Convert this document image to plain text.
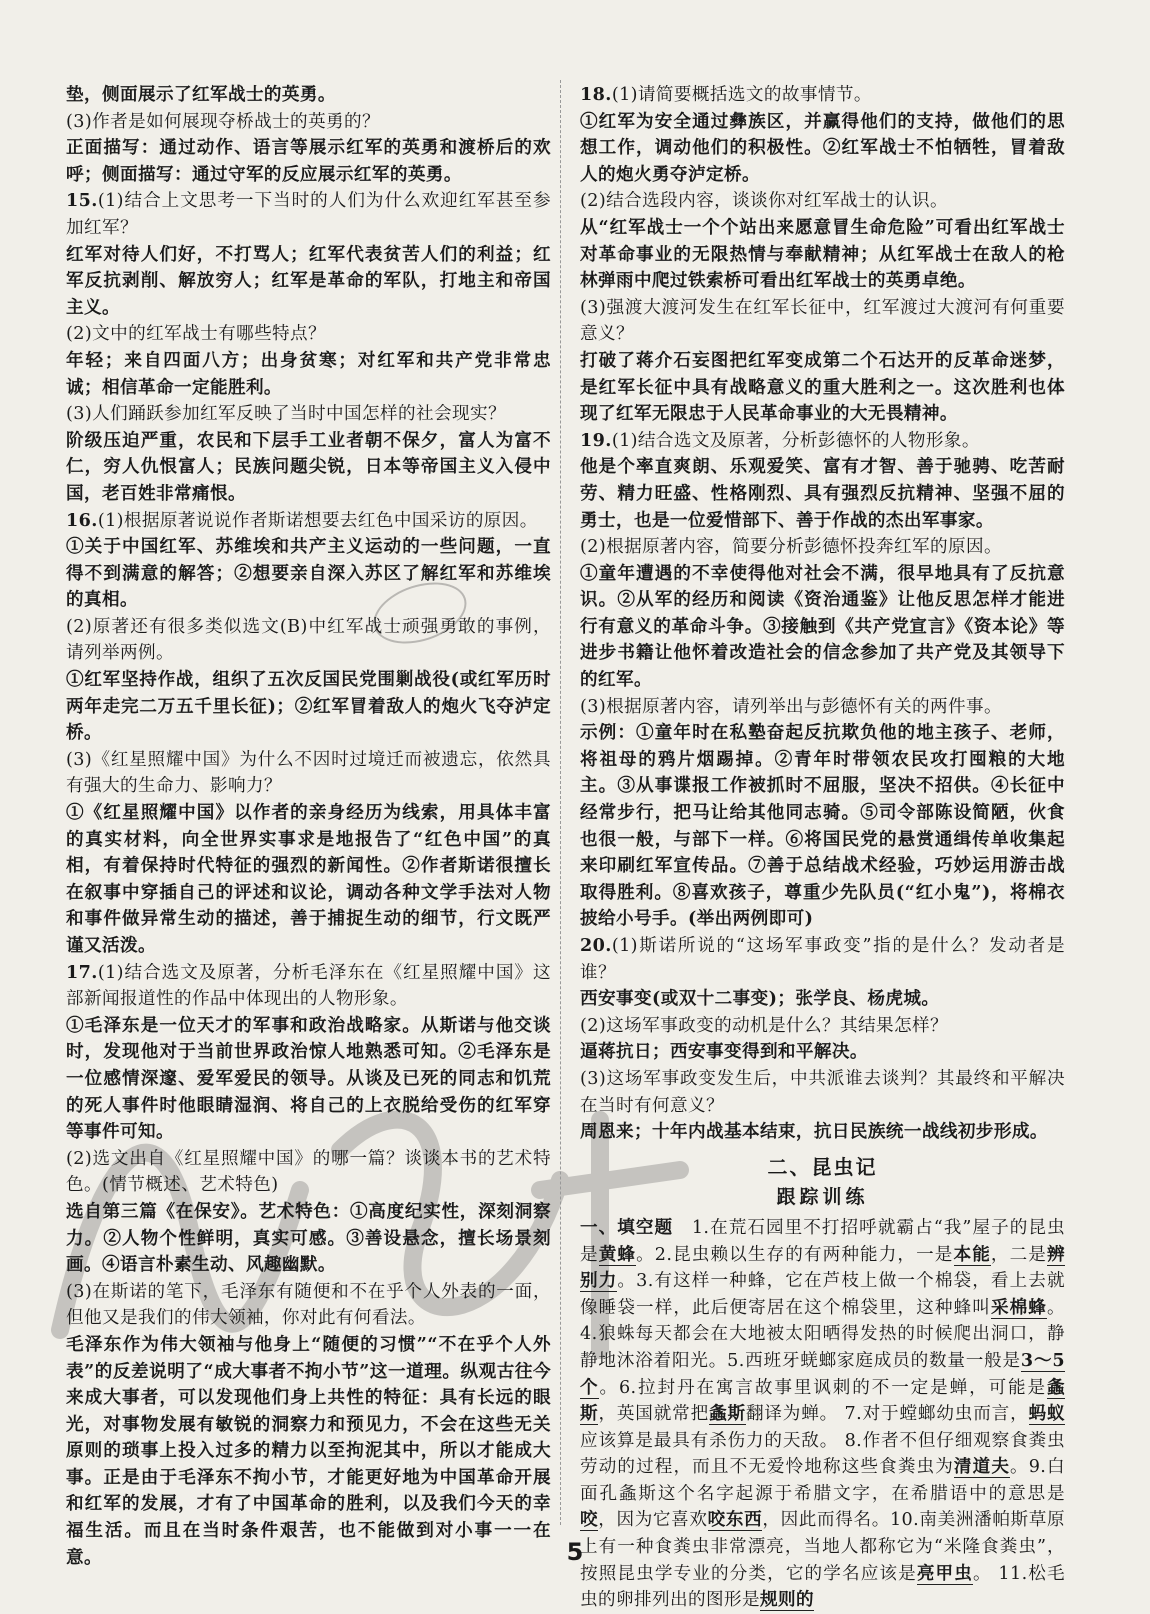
垫，侧面展示了红军战士的英勇。

(3)作者是如何展现夺桥战士的英勇的？

正面描写：通过动作、语言等展示红军的英勇和渡桥后的欢呼；侧面描写：通过守军的反应展示红军的英勇。

15.(1)结合上文思考一下当时的人们为什么欢迎红军甚至参加红军？

红军对待人们好，不打骂人；红军代表贫苦人们的利益；红军反抗剥削、解放穷人；红军是革命的军队，打地主和帝国主义。

(2)文中的红军战士有哪些特点？

年轻；来自四面八方；出身贫寒；对红军和共产党非常忠诚；相信革命一定能胜利。

(3)人们踊跃参加红军反映了当时中国怎样的社会现实？

阶级压迫严重，农民和下层手工业者朝不保夕，富人为富不仁，穷人仇恨富人；民族问题尖锐，日本等帝国主义入侵中国，老百姓非常痛恨。

16.(1)根据原著说说作者斯诺想要去红色中国采访的原因。

①关于中国红军、苏维埃和共产主义运动的一些问题，一直得不到满意的解答；②想要亲自深入苏区了解红军和苏维埃的真相。

(2)原著还有很多类似选文(B)中红军战士顽强勇敢的事例，请列举两例。

①红军坚持作战，组织了五次反国民党围剿战役(或红军历时两年走完二万五千里长征)；②红军冒着敌人的炮火飞夺泸定桥。

(3)《红星照耀中国》为什么不因时过境迁而被遗忘，依然具有强大的生命力、影响力？

①《红星照耀中国》以作者的亲身经历为线索，用具体丰富的真实材料，向全世界实事求是地报告了“红色中国”的真相，有着保持时代特征的强烈的新闻性。②作者斯诺很擅长在叙事中穿插自己的评述和议论，调动各种文学手法对人物和事件做异常生动的描述，善于捕捉生动的细节，行文既严谨又活泼。

17.(1)结合选文及原著，分析毛泽东在《红星照耀中国》这部新闻报道性的作品中体现出的人物形象。

①毛泽东是一位天才的军事和政治战略家。从斯诺与他交谈时，发现他对于当前世界政治惊人地熟悉可知。②毛泽东是一位感情深邃、爱军爱民的领导。从谈及已死的同志和饥荒的死人事件时他眼睛湿润、将自己的上衣脱给受伤的红军穿等事件可知。

(2)选文出自《红星照耀中国》的哪一篇？谈谈本书的艺术特色。(情节概述、艺术特色)

选自第三篇《在保安》。艺术特色：①高度纪实性，深刻洞察力。②人物个性鲜明，真实可感。③善设悬念，擅长场景刻画。④语言朴素生动、风趣幽默。

(3)在斯诺的笔下，毛泽东有随便和不在乎个人外表的一面，但他又是我们的伟大领袖，你对此有何看法。

毛泽东作为伟大领袖与他身上“随便的习惯”“不在乎个人外表”的反差说明了“成大事者不拘小节”这一道理。纵观古往今来成大事者，可以发现他们身上共性的特征：具有长远的眼光，对事物发展有敏锐的洞察力和预见力，不会在这些无关原则的琐事上投入过多的精力以至拘泥其中，所以才能成大事。正是由于毛泽东不拘小节，才能更好地为中国革命开展和红军的发展，才有了中国革命的胜利，以及我们今天的幸福生活。而且在当时条件艰苦，也不能做到对小事一一在意。

18.(1)请简要概括选文的故事情节。

①红军为安全通过彝族区，并赢得他们的支持，做他们的思想工作，调动他们的积极性。②红军战士不怕牺牲，冒着敌人的炮火勇夺泸定桥。

(2)结合选段内容，谈谈你对红军战士的认识。

从“红军战士一个个站出来愿意冒生命危险”可看出红军战士对革命事业的无限热情与奉献精神；从红军战士在敌人的枪林弹雨中爬过铁索桥可看出红军战士的英勇卓绝。

(3)强渡大渡河发生在红军长征中，红军渡过大渡河有何重要意义？

打破了蒋介石妄图把红军变成第二个石达开的反革命迷梦，是红军长征中具有战略意义的重大胜利之一。这次胜利也体现了红军无限忠于人民革命事业的大无畏精神。

19.(1)结合选文及原著，分析彭德怀的人物形象。

他是个率直爽朗、乐观爱笑、富有才智、善于驰骋、吃苦耐劳、精力旺盛、性格刚烈、具有强烈反抗精神、坚强不屈的勇士，也是一位爱惜部下、善于作战的杰出军事家。

(2)根据原著内容，简要分析彭德怀投奔红军的原因。

①童年遭遇的不幸使得他对社会不满，很早地具有了反抗意识。②从军的经历和阅读《资治通鉴》让他反思怎样才能进行有意义的革命斗争。③接触到《共产党宣言》《资本论》等进步书籍让他怀着改造社会的信念参加了共产党及其领导下的红军。

(3)根据原著内容，请列举出与彭德怀有关的两件事。

示例：①童年时在私塾奋起反抗欺负他的地主孩子、老师，将祖母的鸦片烟踢掉。②青年时带领农民攻打囤粮的大地主。③从事谍报工作被抓时不屈服，坚决不招供。④长征中经常步行，把马让给其他同志骑。⑤司令部陈设简陋，伙食也很一般，与部下一样。⑥将国民党的悬赏通缉传单收集起来印刷红军宣传品。⑦善于总结战术经验，巧妙运用游击战取得胜利。⑧喜欢孩子，尊重少先队员(“红小鬼”)，将棉衣披给小号手。(举出两例即可)

20.(1)斯诺所说的“这场军事政变”指的是什么？发动者是谁？

西安事变(或双十二事变)；张学良、杨虎城。

(2)这场军事政变的动机是什么？其结果怎样？

逼蒋抗日；西安事变得到和平解决。

(3)这场军事政变发生后，中共派谁去谈判？其最终和平解决在当时有何意义？

周恩来；十年内战基本结束，抗日民族统一战线初步形成。

二、昆虫记
跟踪训练

一、填空题　 1.在荒石园里不打招呼就霸占“我”屋子的昆虫是黄蜂。2.昆虫赖以生存的有两种能力，一是本能，二是辨别力。3.有这样一种蜂，它在芦枝上做一个棉袋，看上去就像睡袋一样，此后便寄居在这个棉袋里，这种蜂叫采棉蜂。4.狼蛛每天都会在大地被太阳晒得发热的时候爬出洞口，静静地沐浴着阳光。5.西班牙蜣螂家庭成员的数量一般是3～5个。6.拉封丹在寓言故事里讽刺的不一定是蝉，可能是螽斯，英国就常把螽斯翻译为蝉。 7.对于螳螂幼虫而言，蚂蚁应该算是最具有杀伤力的天敌。 8.作者不但仔细观察食粪虫劳动的过程，而且不无爱怜地称这些食粪虫为清道夫。9.白面孔螽斯这个名字起源于希腊文字，在希腊语中的意思是咬，因为它喜欢咬东西，因此而得名。10.南美洲潘帕斯草原上有一种食粪虫非常漂亮，当地人都称它为“米隆食粪虫”，按照昆虫学专业的分类，它的学名应该是亮甲虫。 11.松毛虫的卵排列出的图形是规则的

5
